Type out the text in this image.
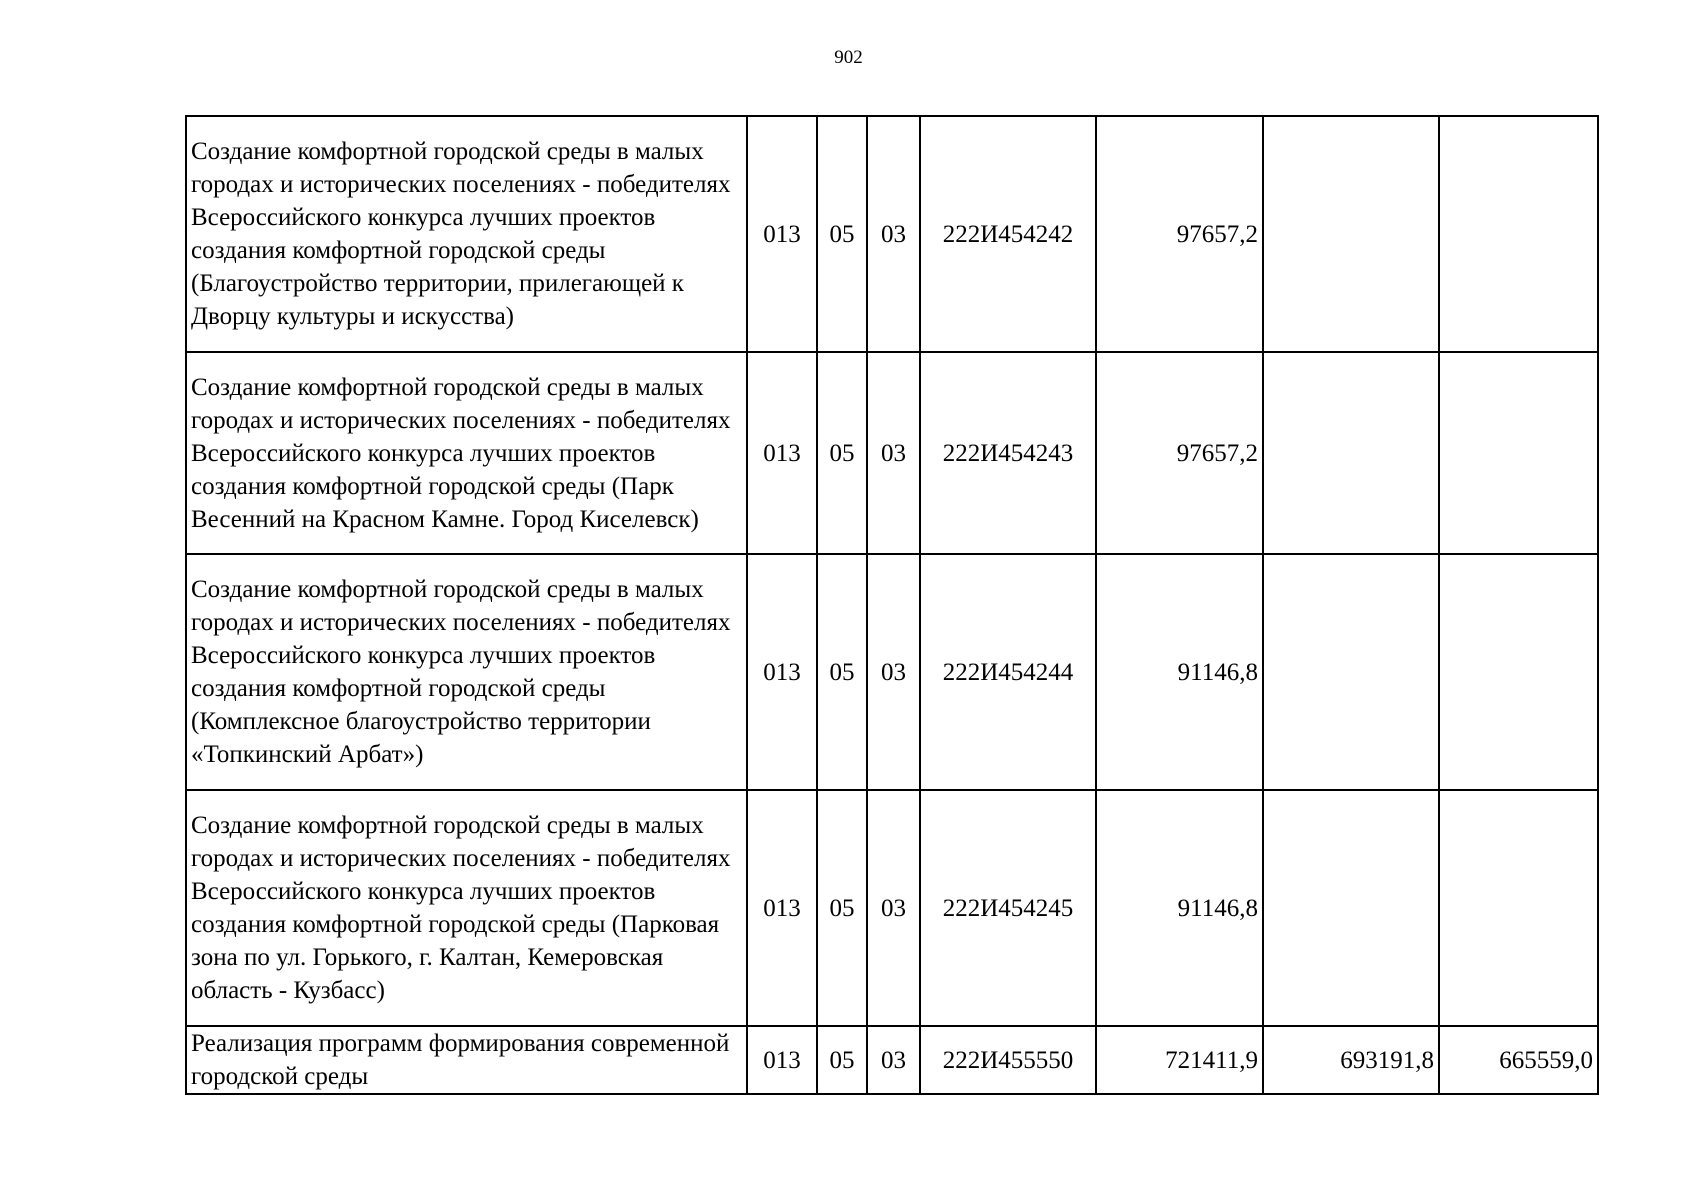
902
Создание комфортной городской среды в малых городах и исторических поселениях - победителях Всероссийского конкурса лучших проектов создания комфортной городской среды (Благоустройство территории, прилегающей к Дворцу культуры и искусства)	013	05	03	222И454242	97657,2		
Создание комфортной городской среды в малых городах и исторических поселениях - победителях Всероссийского конкурса лучших проектов создания комфортной городской среды (Парк Весенний на Красном Камне. Город Киселевск)	013	05	03	222И454243	97657,2		
Создание комфортной городской среды в малых городах и исторических поселениях - победителях Всероссийского конкурса лучших проектов создания комфортной городской среды (Комплексное благоустройство территории «Топкинский Арбат»)	013	05	03	222И454244	91146,8		
Создание комфортной городской среды в малых городах и исторических поселениях - победителях Всероссийского конкурса лучших проектов создания комфортной городской среды (Парковая зона по ул. Горького, г. Калтан, Кемеровская область - Кузбасс)	013	05	03	222И454245	91146,8		
Реализация программ формирования современной городской среды	013	05	03	222И455550	721411,9	693191,8	665559,0
